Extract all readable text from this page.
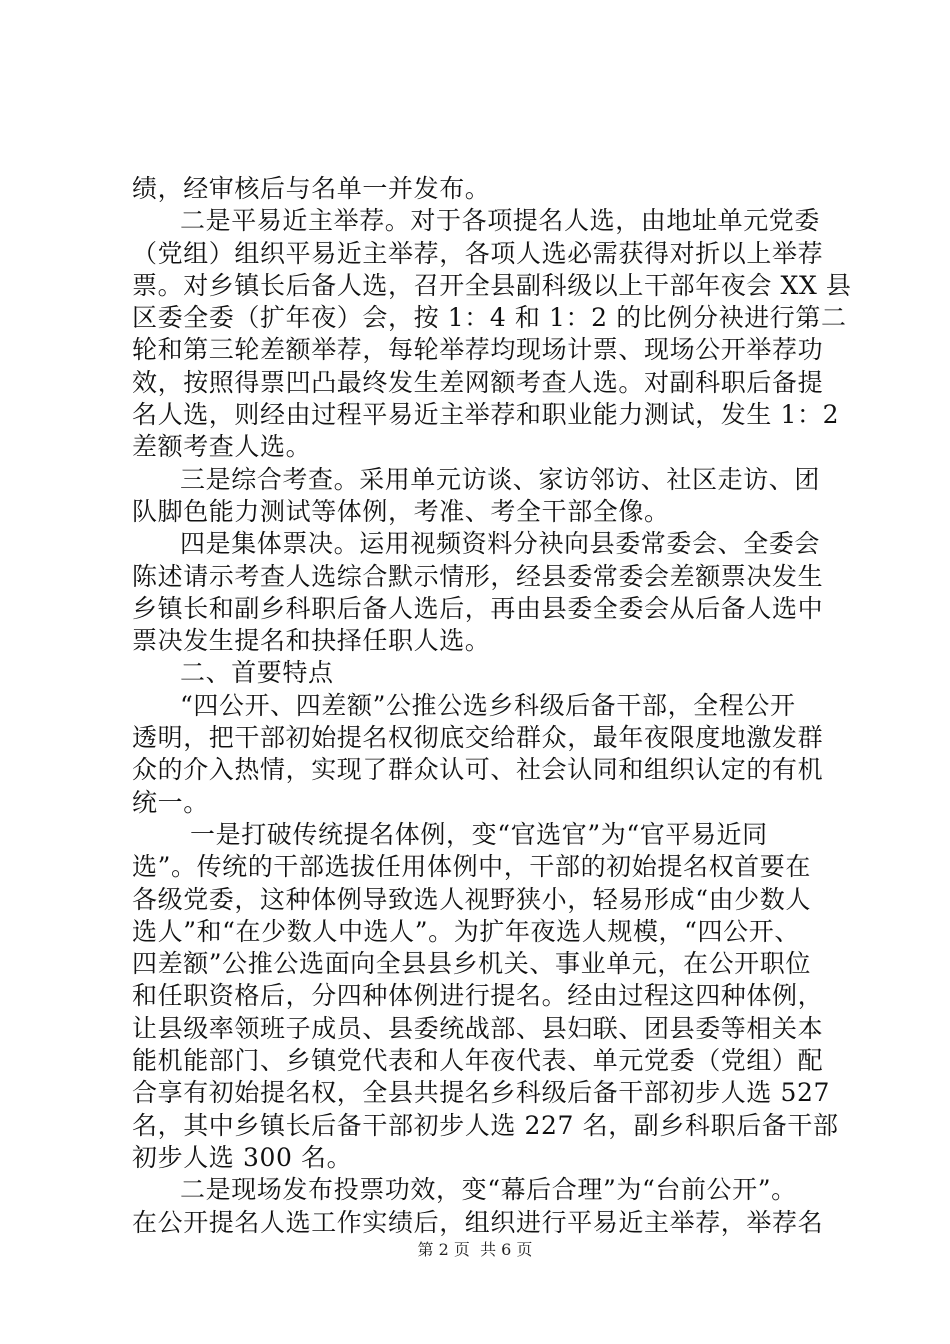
绩，经审核后与名单一并发布。
二是平易近主举荐。对于各项提名人选，由地址单元党委
（党组）组织平易近主举荐，各项人选必需获得对折以上举荐
票。对乡镇长后备人选，召开全县副科级以上干部年夜会 XX 县
区委全委（扩年夜）会，按 1：4 和 1：2 的比例分袂进行第二
轮和第三轮差额举荐，每轮举荐均现场计票、现场公开举荐功
效，按照得票凹凸最终发生差网额考查人选。对副科职后备提
名人选，则经由过程平易近主举荐和职业能力测试，发生 1：2
差额考查人选。
三是综合考查。采用单元访谈、家访邻访、社区走访、团
队脚色能力测试等体例，考准、考全干部全像。
四是集体票决。运用视频资料分袂向县委常委会、全委会
陈述请示考查人选综合默示情形，经县委常委会差额票决发生
乡镇长和副乡科职后备人选后，再由县委全委会从后备人选中
票决发生提名和抉择任职人选。
二、首要特点
“四公开、四差额”公推公选乡科级后备干部，全程公开
透明，把干部初始提名权彻底交给群众，最年夜限度地激发群
众的介入热情，实现了群众认可、社会认同和组织认定的有机
统一。
一是打破传统提名体例，变“官选官”为“官平易近同
选”。传统的干部选拔任用体例中，干部的初始提名权首要在
各级党委，这种体例导致选人视野狭小，轻易形成“由少数人
选人”和“在少数人中选人”。为扩年夜选人规模，“四公开、
四差额”公推公选面向全县县乡机关、事业单元，在公开职位
和任职资格后，分四种体例进行提名。经由过程这四种体例，
让县级率领班子成员、县委统战部、县妇联、团县委等相关本
能机能部门、乡镇党代表和人年夜代表、单元党委（党组）配
合享有初始提名权，全县共提名乡科级后备干部初步人选 527
名，其中乡镇长后备干部初步人选 227 名，副乡科职后备干部
初步人选 300 名。
二是现场发布投票功效，变“幕后合理”为“台前公开”。
在公开提名人选工作实绩后，组织进行平易近主举荐，举荐名
第 2 页  共 6 页
